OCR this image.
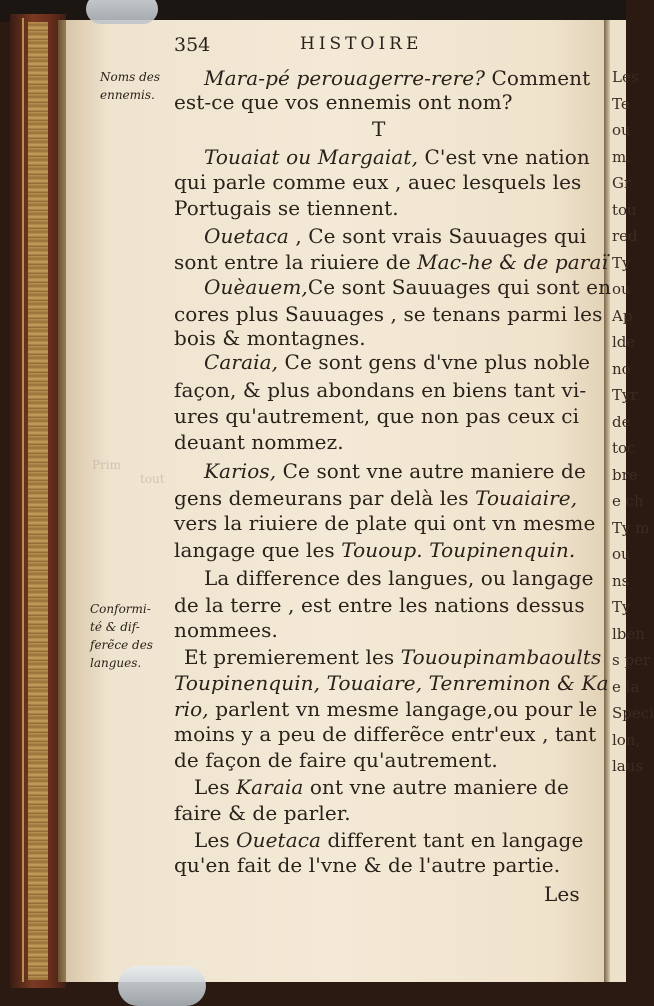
Les
Te
ou
m.
Gr
tou
red
Ty
ou
Ap
lde
no
Tyr
de
toc
bre
e ch
Ty m
ou
ns
Ty
lben
s per
e la
Speci
lon,
laus
354	HISTOIRE
Prim
tout
Noms des
ennemis.
Conformi-
té & dif-
ferẽce des
langues.
Mara-pé perouagerre-rere? Comment
est-ce que vos ennemis ont nom?
T
Touaiat ou Margaiat, C'est vne nation
qui parle comme eux , auec lesquels les
Portugais se tiennent.
Ouetaca , Ce sont vrais Sauuages qui
sont entre la riuiere de Mac-he & de paraï
Ouèauem,Ce sont Sauuages qui sont en
cores plus Sauuages , se tenans parmi les
bois & montagnes.
Caraia, Ce sont gens d'vne plus noble
façon, & plus abondans en biens tant vi-
ures qu'autrement, que non pas ceux ci
deuant nommez.
Karios, Ce sont vne autre maniere de
gens demeurans par delà les Touaiaire,
vers la riuiere de plate qui ont vn mesme
langage que les Tououp. Toupinenquin.
La difference des langues, ou langage
de la terre , est entre les nations dessus
nommees.
Et premierement les Tououpinambaoults
Toupinenquin, Touaiare, Tenreminon & Ka
rio, parlent vn mesme langage,ou pour le
moins y a peu de differẽce entr'eux , tant
de façon de faire qu'autrement.
Les Karaia ont vne autre maniere de
faire & de parler.
Les Ouetaca different tant en langage
qu'en fait de l'vne & de l'autre partie.
Les
